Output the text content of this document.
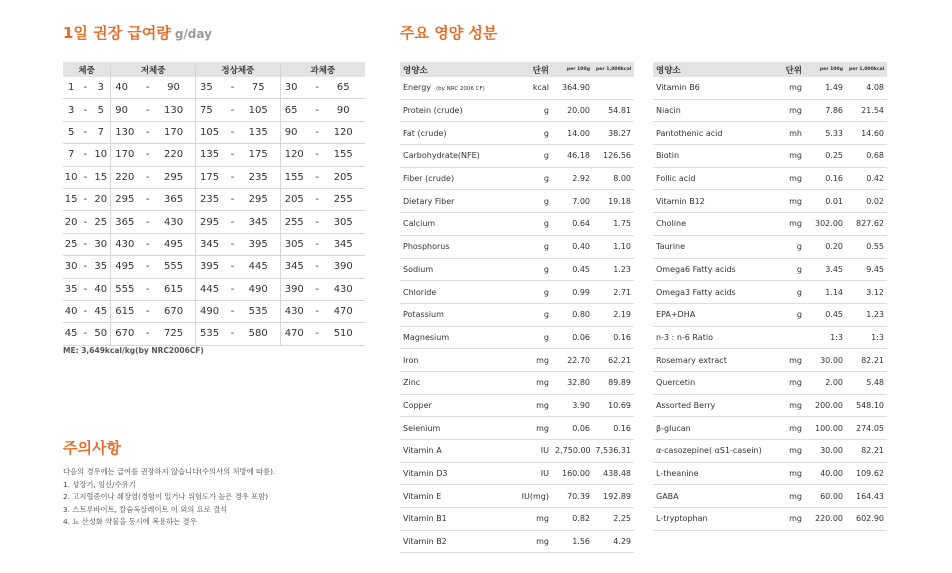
1일 권장 급여량 g/day
체중			저체중			정상체중			과체중		
1	-	3	40	-	90	35	-	75	30	-	65
3	-	5	90	-	130	75	-	105	65	-	90
5	-	7	130	-	170	105	-	135	90	-	120
7	-	10	170	-	220	135	-	175	120	-	155
10	-	15	220	-	295	175	-	235	155	-	205
15	-	20	295	-	365	235	-	295	205	-	255
20	-	25	365	-	430	295	-	345	255	-	305
25	-	30	430	-	495	345	-	395	305	-	345
30	-	35	495	-	555	395	-	445	345	-	390
35	-	40	555	-	615	445	-	490	390	-	430
40	-	45	615	-	670	490	-	535	430	-	470
45	-	50	670	-	725	535	-	580	470	-	510
ME: 3,649kcal/kg(by NRC2006CF)
주의사항
다음의 경우에는 급여를 권장하지 않습니다(수의사의 처방에 따름).
1. 성장기, 임신/수유기
2. 고지혈증이나 췌장염(경험이 있거나 위험도가 높은 경우 포함)
3. 스트루바이트, 칼슘옥살레이트 이 외의 요로 결석
4. 뇨 산성화 약물을 동시에 복용하는 경우
주요 영양 성분
영양소	단위	per 100g	per 1,000kcal
Energy (by NRC 2006 CF)	kcal	364.90	
Protein (crude)	g	20.00	54.81
Fat (crude)	g	14.00	38.27
Carbohydrate(NFE)	g	46.18	126.56
Fiber (crude)	g	2.92	8.00
Dietary Fiber	g	7.00	19.18
Calcium	g	0.64	1.75
Phosphorus	g	0.40	1.10
Sodium	g	0.45	1.23
Chloride	g	0.99	2.71
Potassium	g	0.80	2.19
Magnesium	g	0.06	0.16
Iron	mg	22.70	62.21
Zinc	mg	32.80	89.89
Copper	mg	3.90	10.69
Selenium	mg	0.06	0.16
Vitamin A	IU	2,750.00	7,536.31
Vitamin D3	IU	160.00	438.48
Vitamin E	IU(mg)	70.39	192.89
Vitamin B1	mg	0.82	2.25
Vitamin B2	mg	1.56	4.29
영양소	단위	per 100g	per 1,000kcal
Vitamin B6	mg	1.49	4.08
Niacin	mg	7.86	21.54
Pantothenic acid	mh	5.33	14.60
Biotin	mg	0.25	0.68
Follic acid	mg	0.16	0.42
Vitamin B12	mg	0.01	0.02
Choline	mg	302.00	827.62
Taurine	g	0.20	0.55
Omega6 Fatty acids	g	3.45	9.45
Omega3 Fatty acids	g	1.14	3.12
EPA+DHA	g	0.45	1.23
n-3 : n-6 Ratio		1:3	1:3
Rosemary extract	mg	30.00	82.21
Quercetin	mg	2.00	5.48
Assorted Berry	mg	200.00	548.10
β-glucan	mg	100.00	274.05
α-casozepine( αS1-casein)	mg	30.00	82.21
L-theanine	mg	40.00	109.62
GABA	mg	60.00	164.43
L-tryptophan	mg	220.00	602.90
